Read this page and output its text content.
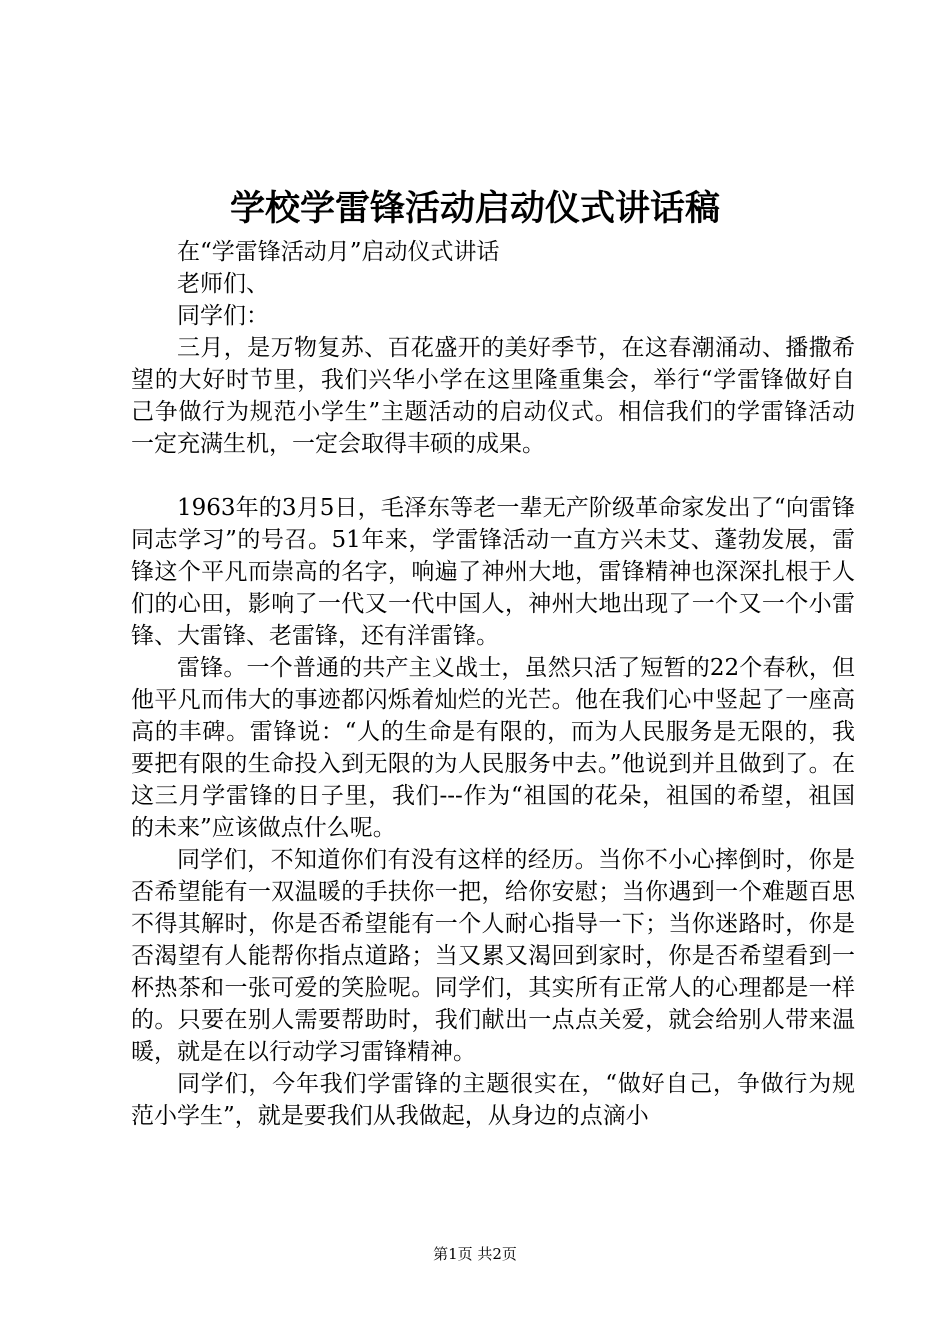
学校学雷锋活动启动仪式讲话稿

在“学雷锋活动月”启动仪式讲话

老师们、

同学们：

三月，是万物复苏、百花盛开的美好季节，在这春潮涌动、播撒希望的大好时节里，我们兴华小学在这里隆重集会，举行“学雷锋做好自己争做行为规范小学生”主题活动的启动仪式。相信我们的学雷锋活动一定充满生机，一定会取得丰硕的成果。

1963年的3月5日，毛泽东等老一辈无产阶级革命家发出了“向雷锋同志学习”的号召。51年来，学雷锋活动一直方兴未艾、蓬勃发展，雷锋这个平凡而崇高的名字，响遍了神州大地，雷锋精神也深深扎根于人们的心田，影响了一代又一代中国人，神州大地出现了一个又一个小雷锋、大雷锋、老雷锋，还有洋雷锋。

雷锋。一个普通的共产主义战士，虽然只活了短暂的22个春秋，但他平凡而伟大的事迹都闪烁着灿烂的光芒。他在我们心中竖起了一座高高的丰碑。雷锋说：“人的生命是有限的，而为人民服务是无限的，我要把有限的生命投入到无限的为人民服务中去。”他说到并且做到了。在这三月学雷锋的日子里，我们---作为“祖国的花朵，祖国的希望，祖国的未来”应该做点什么呢。

同学们，不知道你们有没有这样的经历。当你不小心摔倒时，你是否希望能有一双温暖的手扶你一把，给你安慰；当你遇到一个难题百思不得其解时，你是否希望能有一个人耐心指导一下；当你迷路时，你是否渴望有人能帮你指点道路；当又累又渴回到家时，你是否希望看到一杯热茶和一张可爱的笑脸呢。同学们，其实所有正常人的心理都是一样的。只要在别人需要帮助时，我们献出一点点关爱，就会给别人带来温暖，就是在以行动学习雷锋精神。

同学们，今年我们学雷锋的主题很实在，“做好自己，争做行为规范小学生”，就是要我们从我做起，从身边的点滴小

第1页 共2页
